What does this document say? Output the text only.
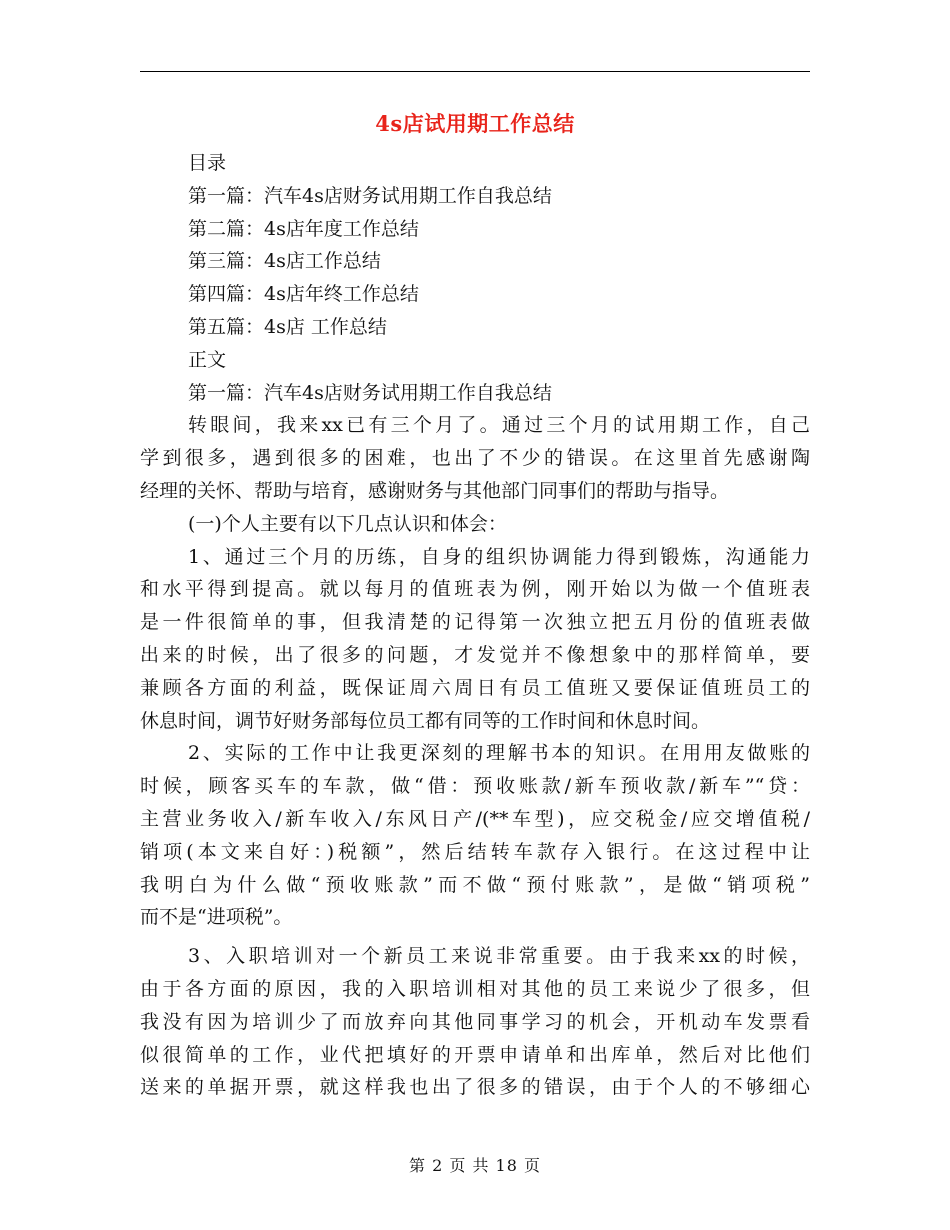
4s店试用期工作总结
目录
第一篇：汽车4s店财务试用期工作自我总结
第二篇：4s店年度工作总结
第三篇：4s店工作总结
第四篇：4s店年终工作总结
第五篇：4s店 工作总结
正文
第一篇：汽车4s店财务试用期工作自我总结
转眼间，我来xx已有三个月了。通过三个月的试用期工作，自己
学到很多，遇到很多的困难，也出了不少的错误。在这里首先感谢陶
经理的关怀、帮助与培育，感谢财务与其他部门同事们的帮助与指导。
(一)个人主要有以下几点认识和体会：
1、通过三个月的历练，自身的组织协调能力得到锻炼，沟通能力
和水平得到提高。就以每月的值班表为例，刚开始以为做一个值班表
是一件很简单的事，但我清楚的记得第一次独立把五月份的值班表做
出来的时候，出了很多的问题，才发觉并不像想象中的那样简单，要
兼顾各方面的利益，既保证周六周日有员工值班又要保证值班员工的
休息时间，调节好财务部每位员工都有同等的工作时间和休息时间。
2、实际的工作中让我更深刻的理解书本的知识。在用用友做账的
时候，顾客买车的车款，做“借：预收账款/新车预收款/新车”“贷：
主营业务收入/新车收入/东风日产/(**车型)，应交税金/应交增值税/
销项(本文来自好：)税额”，然后结转车款存入银行。在这过程中让
我明白为什么做“预收账款”而不做“预付账款”，是做“销项税”
而不是“进项税”。
3、入职培训对一个新员工来说非常重要。由于我来xx的时候，
由于各方面的原因，我的入职培训相对其他的员工来说少了很多，但
我没有因为培训少了而放弃向其他同事学习的机会，开机动车发票看
似很简单的工作，业代把填好的开票申请单和出库单，然后对比他们
送来的单据开票，就这样我也出了很多的错误，由于个人的不够细心
第 2 页 共 18 页
